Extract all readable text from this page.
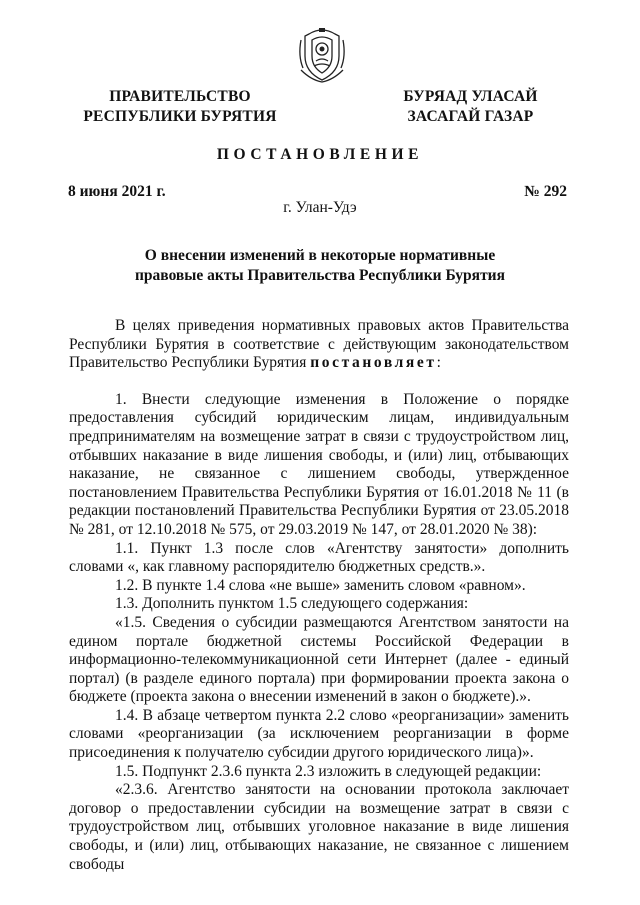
ПРАВИТЕЛЬСТВО
РЕСПУБЛИКИ БУРЯТИЯ
БУРЯАД УЛАСАЙ
ЗАСАГАЙ ГАЗАР
ПОСТАНОВЛЕНИЕ
8 июня 2021 г.	№ 292
г. Улан-Удэ
О внесении изменений в некоторые нормативные
правовые акты Правительства Республики Бурятия

В целях приведения нормативных правовых актов Правительства Республики Бурятия в соответствие с действующим законодательством Правительство Республики Бурятия постановляет:

1. Внести следующие изменения в Положение о порядке предоставления субсидий юридическим лицам, индивидуальным предпринимателям на возмещение затрат в связи с трудоустройством лиц, отбывших наказание в виде лишения свободы, и (или) лиц, отбывающих наказание, не связанное с лишением свободы, утвержденное постановлением Правительства Республики Бурятия от 16.01.2018 № 11 (в редакции постановлений Правительства Республики Бурятия от 23.05.2018 № 281, от 12.10.2018 № 575, от 29.03.2019 № 147, от 28.01.2020 № 38):

1.1. Пункт 1.3 после слов «Агентству занятости» дополнить словами «, как главному распорядителю бюджетных средств.».

1.2. В пункте 1.4 слова «не выше» заменить словом «равном».

1.3. Дополнить пунктом 1.5 следующего содержания:

«1.5. Сведения о субсидии размещаются Агентством занятости на едином портале бюджетной системы Российской Федерации в информационно-телекоммуникационной сети Интернет (далее - единый портал) (в разделе единого портала) при формировании проекта закона о бюджете (проекта закона о внесении изменений в закон о бюджете).».

1.4. В абзаце четвертом пункта 2.2 слово «реорганизации» заменить словами «реорганизации (за исключением реорганизации в форме присоединения к получателю субсидии другого юридического лица)».

1.5. Подпункт 2.3.6 пункта 2.3 изложить в следующей редакции:

«2.3.6. Агентство занятости на основании протокола заключает договор о предоставлении субсидии на возмещение затрат в связи с трудоустройством лиц, отбывших уголовное наказание в виде лишения свободы, и (или) лиц, отбывающих наказание, не связанное с лишением свободы
